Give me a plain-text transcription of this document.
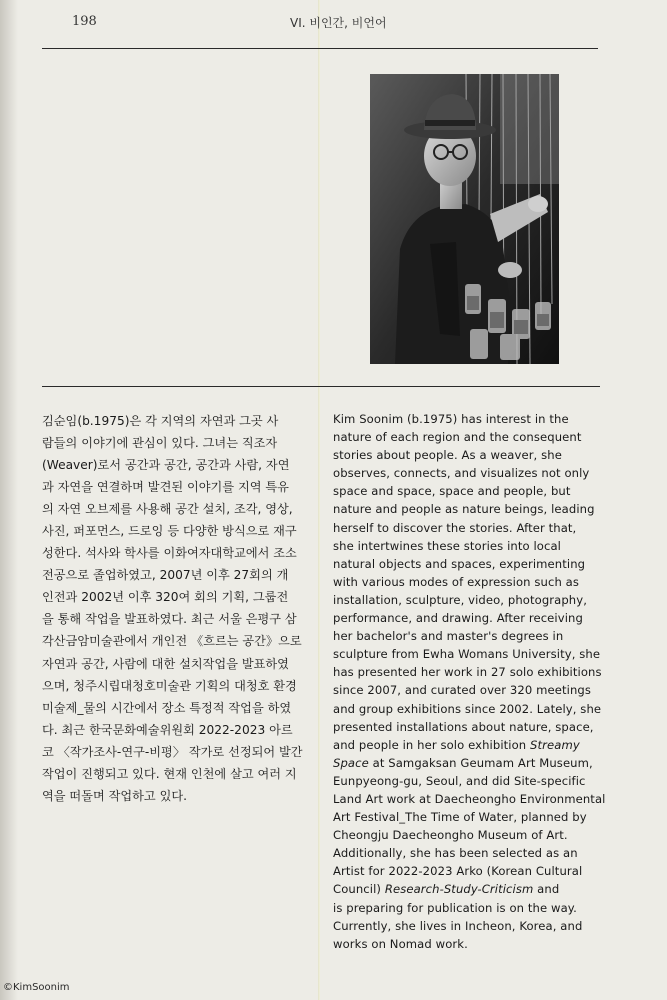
198	VI. 비인간, 비언어
김순임(b.1975)은 각 지역의 자연과 그곳 사
람들의 이야기에 관심이 있다. 그녀는 직조자
(Weaver)로서 공간과 공간, 공간과 사람, 자연
과 자연을 연결하며 발견된 이야기를 지역 특유
의 자연 오브제를 사용해 공간 설치, 조각, 영상,
사진, 퍼포먼스, 드로잉 등 다양한 방식으로 재구
성한다. 석사와 학사를 이화여자대학교에서 조소
전공으로 졸업하였고, 2007년 이후 27회의 개
인전과 2002년 이후 320여 회의 기획, 그룹전
을 통해 작업을 발표하였다. 최근 서울 은평구 삼
각산금암미술관에서 개인전 《흐르는 공간》으로
자연과 공간, 사람에 대한 설치작업을 발표하였
으며, 청주시립대청호미술관 기획의 대청호 환경
미술제_물의 시간에서 장소 특정적 작업을 하였
다. 최근 한국문화예술위원회 2022-2023 아르
코 〈작가조사-연구-비평〉 작가로 선정되어 발간
작업이 진행되고 있다. 현재 인천에 살고 여러 지
역을 떠돌며 작업하고 있다.
Kim Soonim (b.1975) has interest in the
nature of each region and the consequent
stories about people. As a weaver, she
observes, connects, and visualizes not only
space and space, space and people, but
nature and people as nature beings, leading
herself to discover the stories. After that,
she intertwines these stories into local
natural objects and spaces, experimenting
with various modes of expression such as
installation, sculpture, video, photography,
performance, and drawing. After receiving
her bachelor's and master's degrees in
sculpture from Ewha Womans University, she
has presented her work in 27 solo exhibitions
since 2007, and curated over 320 meetings
and group exhibitions since 2002. Lately, she
presented installations about nature, space,
and people in her solo exhibition Streamy
Space at Samgaksan Geumam Art Museum,
Eunpyeong-gu, Seoul, and did Site-specific
Land Art work at Daecheongho Environmental
Art Festival_The Time of Water, planned by
Cheongju Daecheongho Museum of Art.
Additionally, she has been selected as an
Artist for 2022-2023 Arko (Korean Cultural
Council) Research-Study-Criticism and
is preparing for publication is on the way.
Currently, she lives in Incheon, Korea, and
works on Nomad work.
©KimSoonim
